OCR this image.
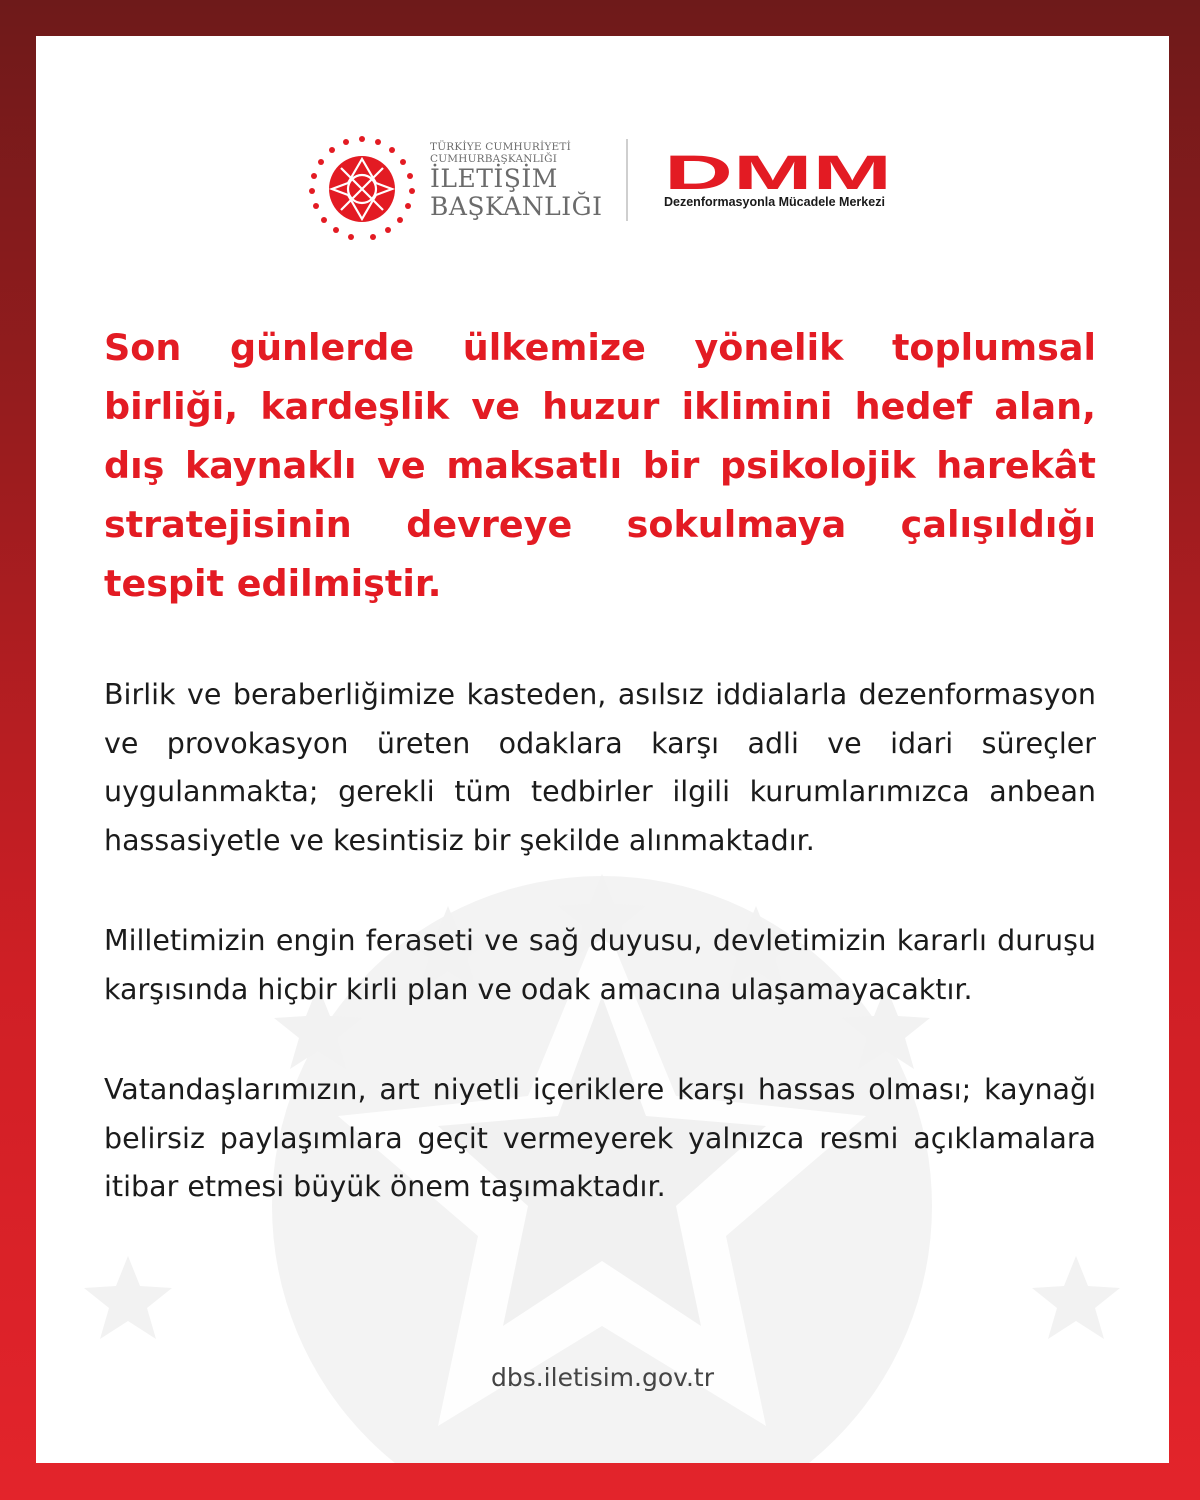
TÜRKİYE CUMHURİYETİ
CUMHURBAŞKANLIĞI
İLETİŞİM
BAŞKANLIĞI
DMM
Dezenformasyonla Mücadele Merkezi

Son günlerde ülkemize yönelik toplumsal birliği, kardeşlik ve huzur iklimini hedef alan, dış kaynaklı ve maksatlı bir psikolojik harekât stratejisinin devreye sokulmaya çalışıldığı tespit edilmiştir.

Birlik ve beraberliğimize kasteden, asılsız iddialarla dezenformasyon ve provokasyon üreten odaklara karşı adli ve idari süreçler uygulanmakta; gerekli tüm tedbirler ilgili kurumlarımızca anbean hassasiyetle ve kesintisiz bir şekilde alınmaktadır.

Milletimizin engin feraseti ve sağ duyusu, devletimizin kararlı duruşu karşısında hiçbir kirli plan ve odak amacına ulaşamayacaktır.

Vatandaşlarımızın, art niyetli içeriklere karşı hassas olması; kaynağı belirsiz paylaşımlara geçit vermeyerek yalnızca resmi açıklamalara itibar etmesi büyük önem taşımaktadır.

dbs.iletisim.gov.tr
